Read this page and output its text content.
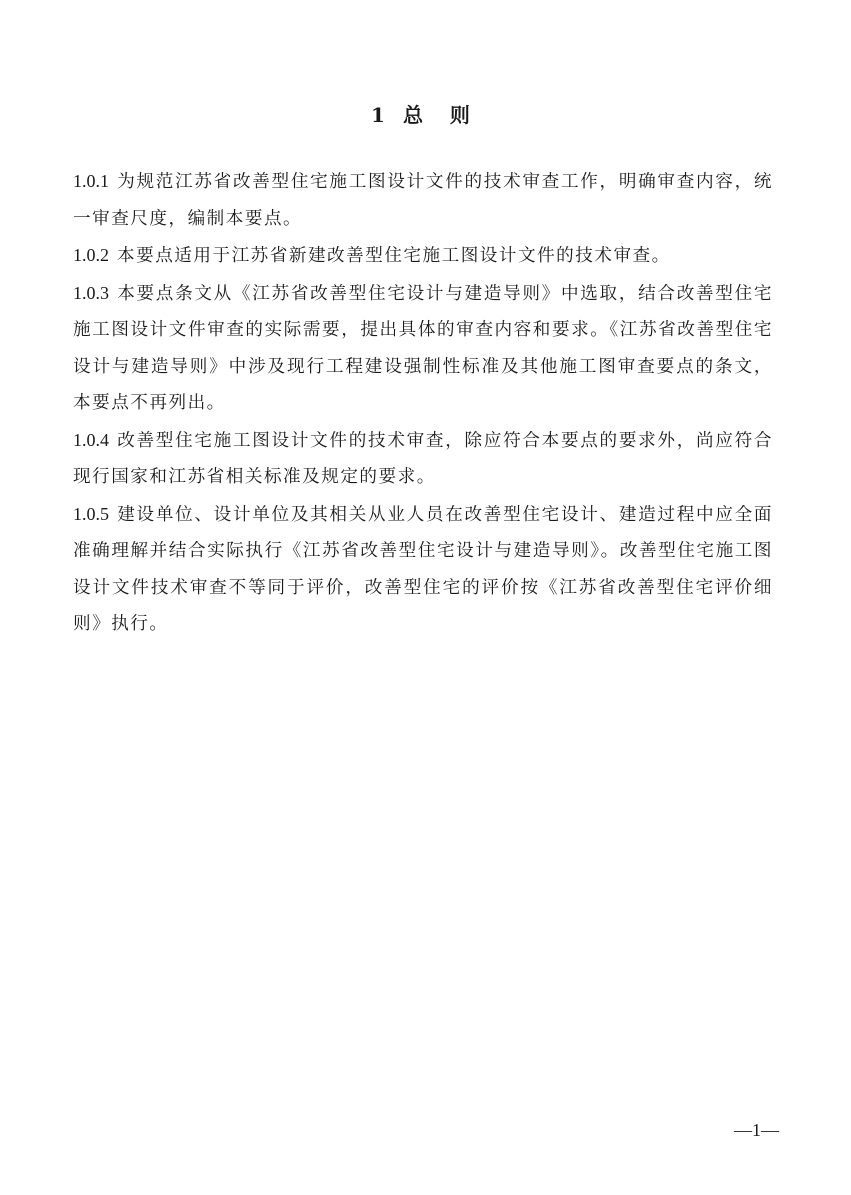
1 总 则

1.0.1 为规范江苏省改善型住宅施工图设计文件的技术审查工作，明确审查内容，统一审查尺度，编制本要点。

1.0.2 本要点适用于江苏省新建改善型住宅施工图设计文件的技术审查。

1.0.3 本要点条文从《江苏省改善型住宅设计与建造导则》中选取，结合改善型住宅施工图设计文件审查的实际需要，提出具体的审查内容和要求。《江苏省改善型住宅设计与建造导则》中涉及现行工程建设强制性标准及其他施工图审查要点的条文，本要点不再列出。

1.0.4 改善型住宅施工图设计文件的技术审查，除应符合本要点的要求外，尚应符合现行国家和江苏省相关标准及规定的要求。

1.0.5 建设单位、设计单位及其相关从业人员在改善型住宅设计、建造过程中应全面准确理解并结合实际执行《江苏省改善型住宅设计与建造导则》。改善型住宅施工图设计文件技术审查不等同于评价，改善型住宅的评价按《江苏省改善型住宅评价细则》执行。

—1—
